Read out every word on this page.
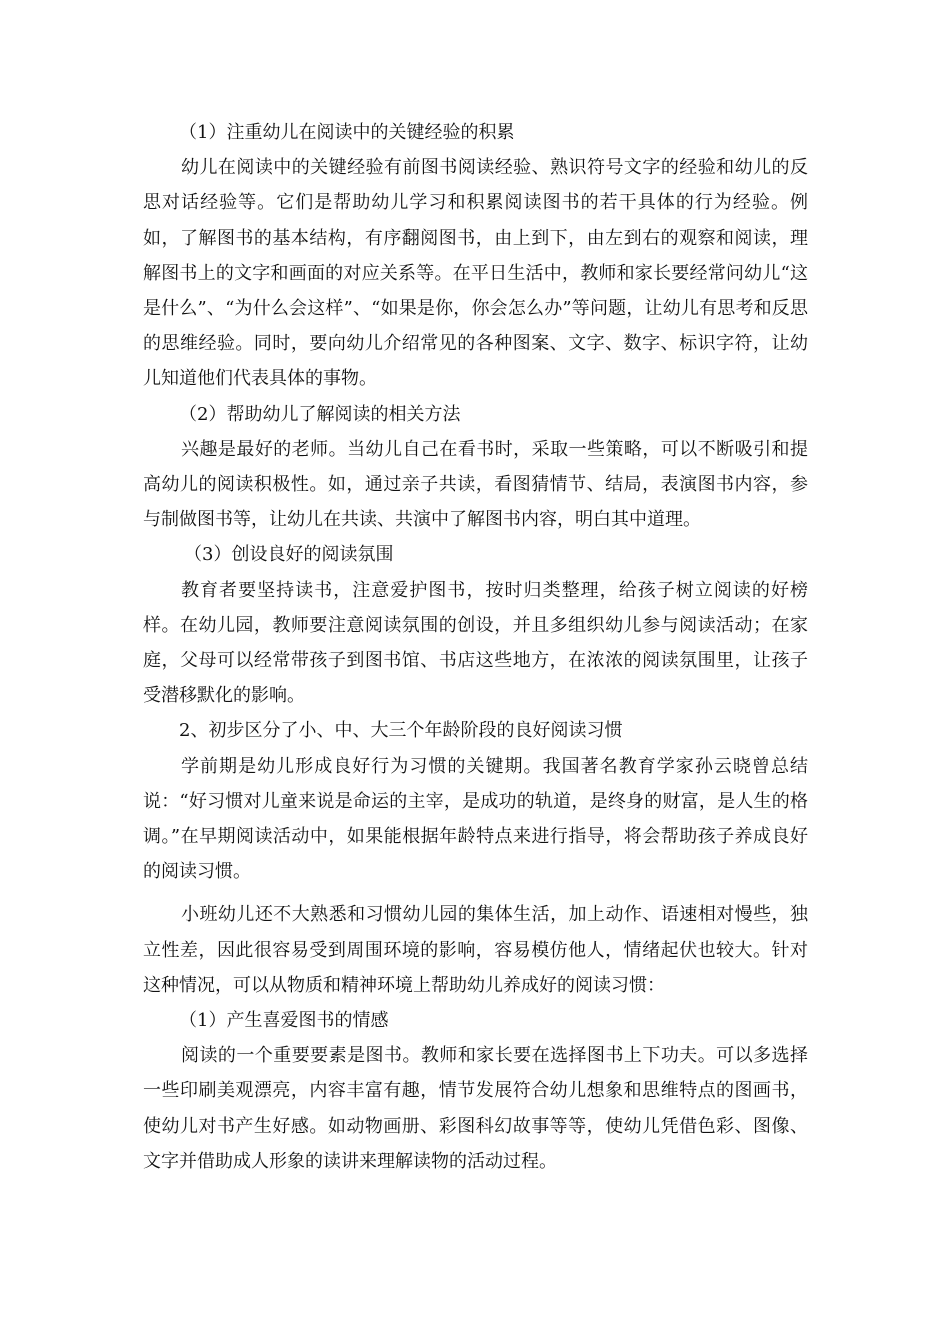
（1）注重幼儿在阅读中的关键经验的积累

幼儿在阅读中的关键经验有前图书阅读经验、熟识符号文字的经验和幼儿的反思对话经验等。它们是帮助幼儿学习和积累阅读图书的若干具体的行为经验。例如，了解图书的基本结构，有序翻阅图书，由上到下，由左到右的观察和阅读，理解图书上的文字和画面的对应关系等。在平日生活中，教师和家长要经常问幼儿“这是什么”、“为什么会这样”、“如果是你，你会怎么办”等问题，让幼儿有思考和反思的思维经验。同时，要向幼儿介绍常见的各种图案、文字、数字、标识字符，让幼儿知道他们代表具体的事物。

（2）帮助幼儿了解阅读的相关方法

兴趣是最好的老师。当幼儿自己在看书时，采取一些策略，可以不断吸引和提高幼儿的阅读积极性。如，通过亲子共读，看图猜情节、结局，表演图书内容，参与制做图书等，让幼儿在共读、共演中了解图书内容，明白其中道理。

（3）创设良好的阅读氛围

教育者要坚持读书，注意爱护图书，按时归类整理，给孩子树立阅读的好榜样。在幼儿园，教师要注意阅读氛围的创设，并且多组织幼儿参与阅读活动；在家庭，父母可以经常带孩子到图书馆、书店这些地方，在浓浓的阅读氛围里，让孩子受潜移默化的影响。

2、初步区分了小、中、大三个年龄阶段的良好阅读习惯

学前期是幼儿形成良好行为习惯的关键期。我国著名教育学家孙云晓曾总结说：“好习惯对儿童来说是命运的主宰，是成功的轨道，是终身的财富，是人生的格调。”在早期阅读活动中，如果能根据年龄特点来进行指导，将会帮助孩子养成良好的阅读习惯。

小班幼儿还不大熟悉和习惯幼儿园的集体生活，加上动作、语速相对慢些，独立性差，因此很容易受到周围环境的影响，容易模仿他人，情绪起伏也较大。针对这种情况，可以从物质和精神环境上帮助幼儿养成好的阅读习惯：

（1）产生喜爱图书的情感

阅读的一个重要要素是图书。教师和家长要在选择图书上下功夫。可以多选择一些印刷美观漂亮，内容丰富有趣，情节发展符合幼儿想象和思维特点的图画书，使幼儿对书产生好感。如动物画册、彩图科幻故事等等，使幼儿凭借色彩、图像、文字并借助成人形象的读讲来理解读物的活动过程。
